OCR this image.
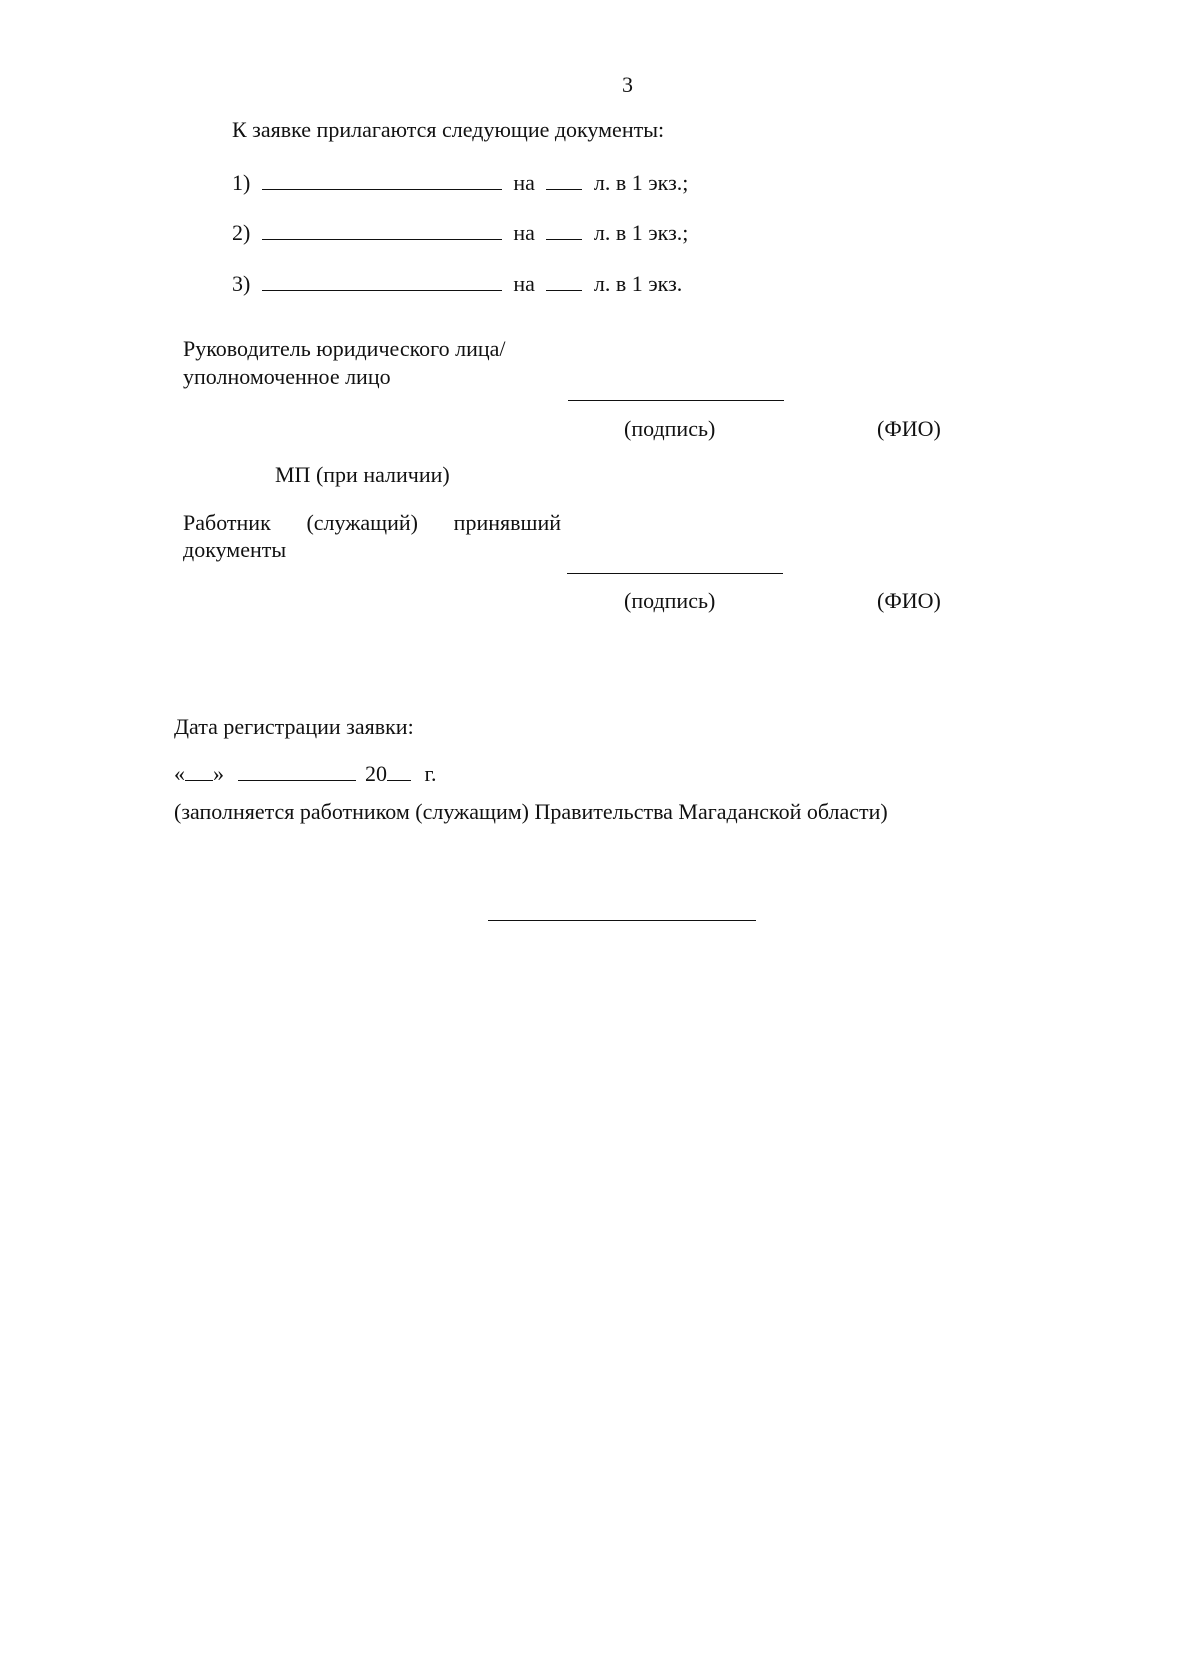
3
К заявке прилагаются следующие документы:
1)	на	л. в 1 экз.;
2)	на	л. в 1 экз.;
3)	на	л. в 1 экз.
Руководитель юридического лица/
уполномоченное лицо
(подпись)	(ФИО)
МП (при наличии)
Работник (служащий) принявший
документы
(подпись)	(ФИО)
Дата регистрации заявки:
« »	20 г.
(заполняется работником (служащим) Правительства Магаданской области)
